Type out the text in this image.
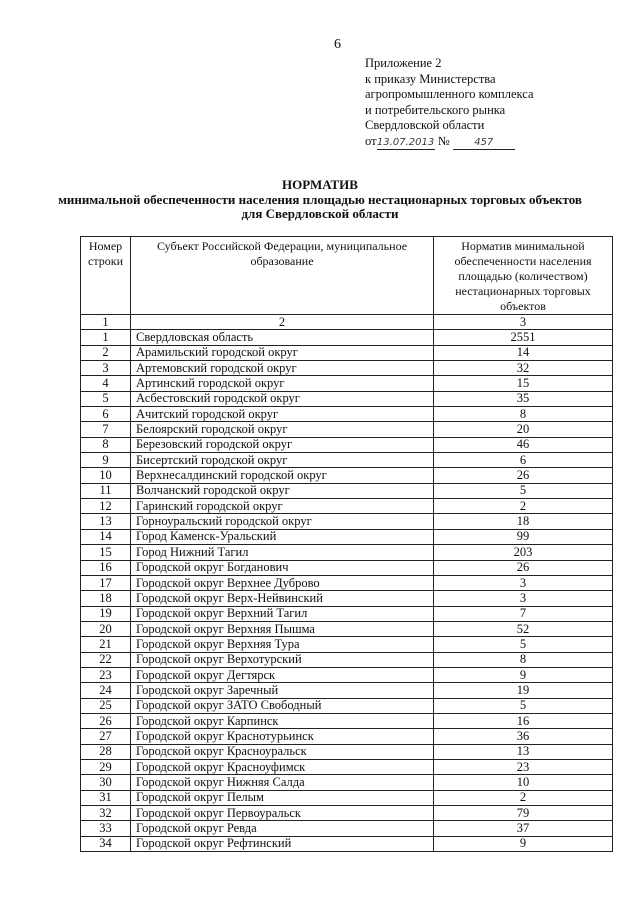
6
Приложение 2
к приказу Министерства
агропромышленного комплекса
и потребительского рынка
Свердловской области
от13.07.2013 № 457
НОРМАТИВ
минимальной обеспеченности населения площадью нестационарных торговых объектов
для Свердловской области
Номер строки	Субъект Российской Федерации, муниципальное образование	Норматив минимальной обеспеченности населения площадью (количеством) нестационарных торговых объектов
1	2	3
1	Свердловская область	2551
2	Арамильский городской округ	14
3	Артемовский городской округ	32
4	Артинский городской округ	15
5	Асбестовский городской округ	35
6	Ачитский городской округ	8
7	Белоярский городской округ	20
8	Березовский городской округ	46
9	Бисертский городской округ	6
10	Верхнесалдинский городской округ	26
11	Волчанский городской округ	5
12	Гаринский городской округ	2
13	Горноуральский городской округ	18
14	Город Каменск-Уральский	99
15	Город Нижний Тагил	203
16	Городской округ Богданович	26
17	Городской округ Верхнее Дуброво	3
18	Городской округ Верх-Нейвинский	3
19	Городской округ Верхний Тагил	7
20	Городской округ Верхняя Пышма	52
21	Городской округ Верхняя Тура	5
22	Городской округ Верхотурский	8
23	Городской округ Дегтярск	9
24	Городской округ Заречный	19
25	Городской округ ЗАТО Свободный	5
26	Городской округ Карпинск	16
27	Городской округ Краснотурьинск	36
28	Городской округ Красноуральск	13
29	Городской округ Красноуфимск	23
30	Городской округ Нижняя Салда	10
31	Городской округ Пелым	2
32	Городской округ Первоуральск	79
33	Городской округ Ревда	37
34	Городской округ Рефтинский	9
